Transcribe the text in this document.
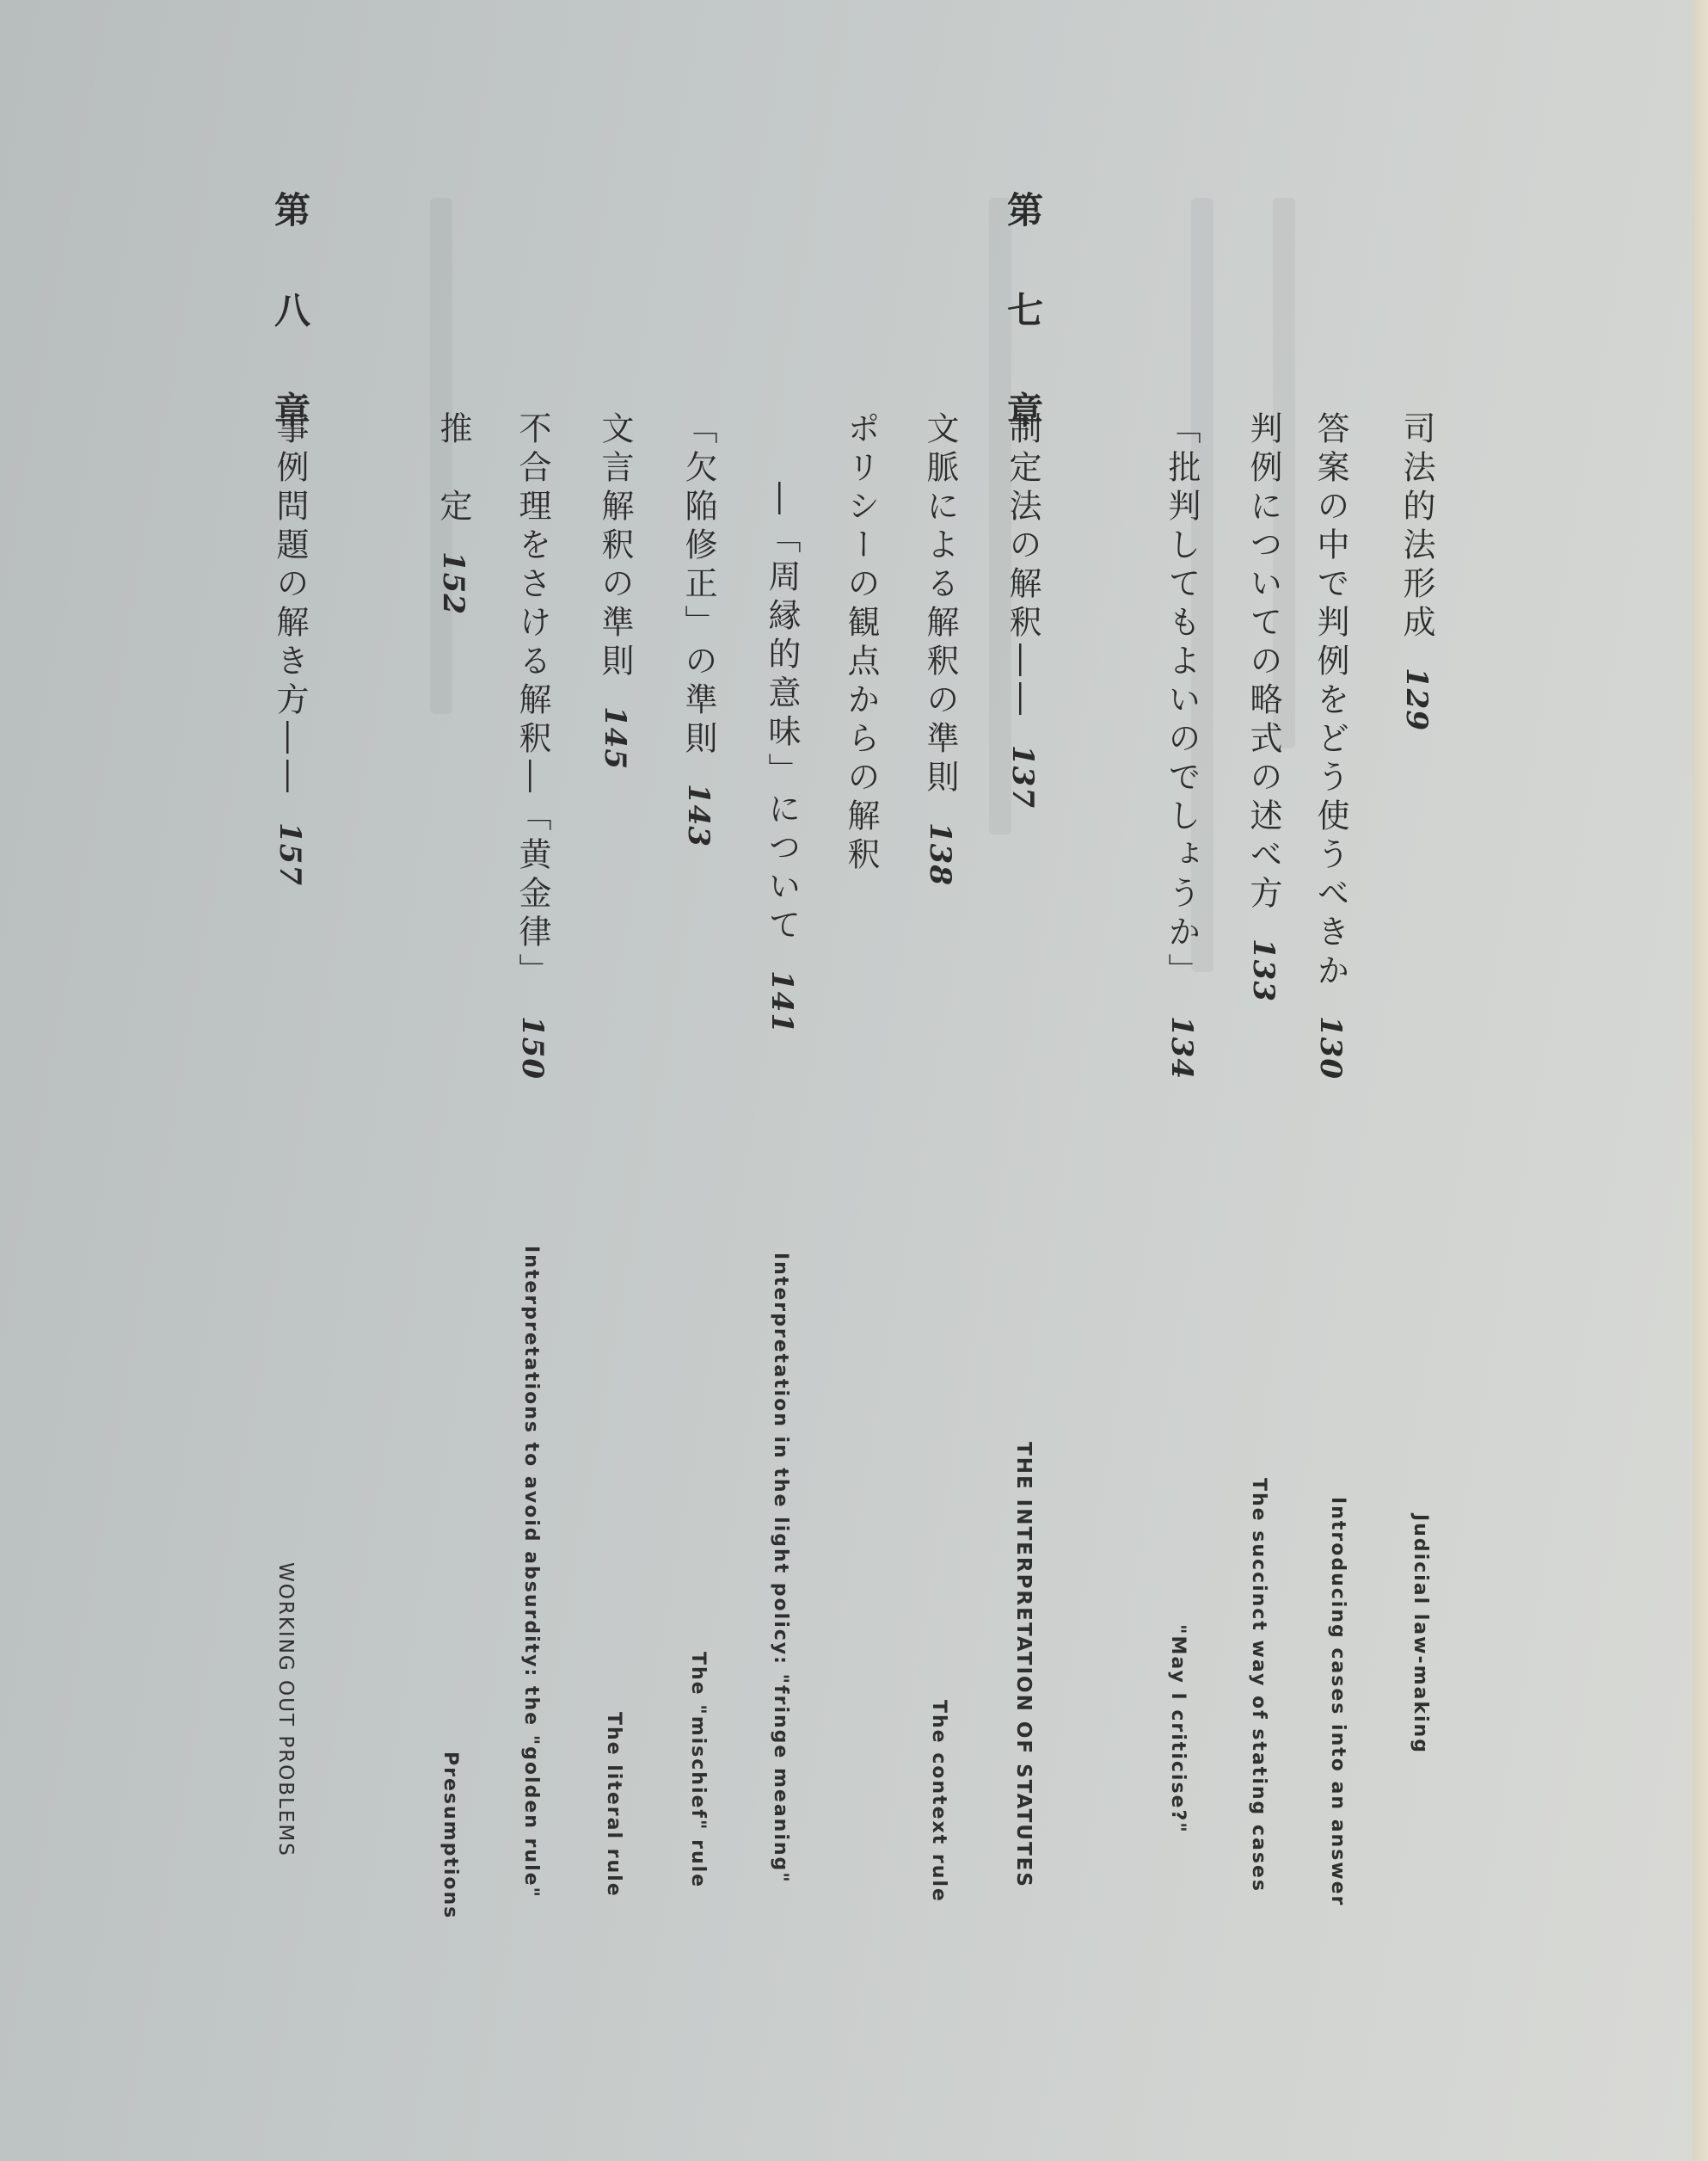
司法的法形成129
答案の中で判例をどう使うべきか130
判例についての略式の述べ方133
「批判してもよいのでしょうか」134
第 七 章
制定法の解釈――137
文脈による解釈の準則138
ポリシーの観点からの解釈
―「周縁的意味」について141
「欠陥修正」の準則143
文言解釈の準則145
不合理をさける解釈―「黄金律」150
推　定152
第 八 章
事例問題の解き方――157
Judicial law-making
Introducing cases into an answer
The succinct way of stating cases
"May I criticise?"
THE INTERPRETATION OF STATUTES
The context rule
Interpretation in the light policy: "fringe meaning"
The "mischief" rule
The literal rule
Interpretations to avoid absurdity: the "golden rule"
Presumptions
WORKING OUT PROBLEMS
